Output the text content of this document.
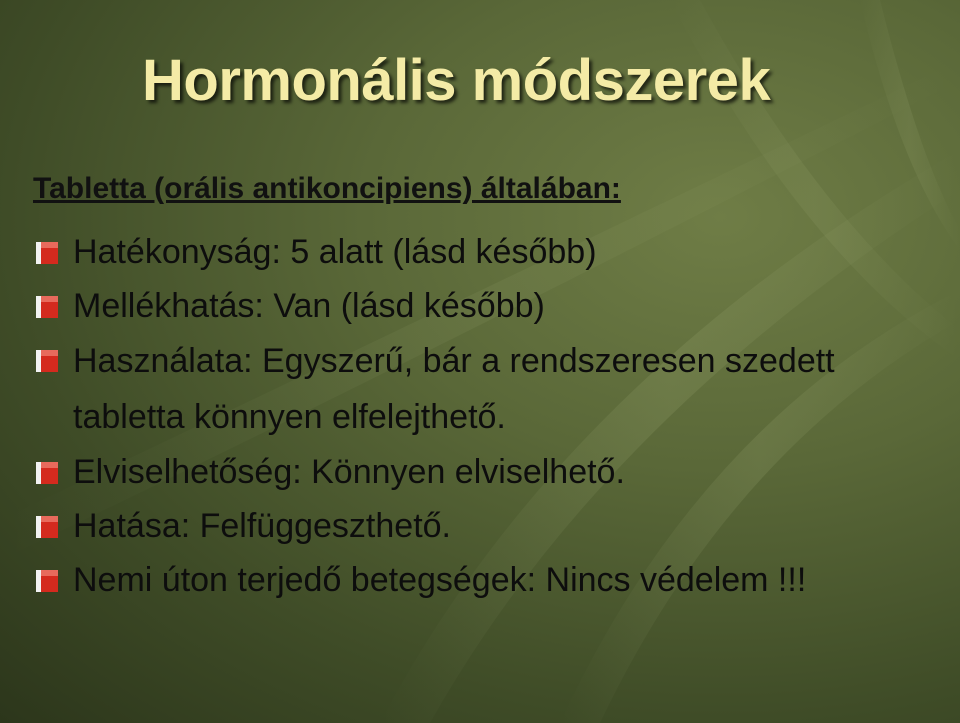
Hormonális módszerek

Tabletta (orális antikoncipiens) általában:

Hatékonyság: 5 alatt (lásd később)
Mellékhatás: Van (lásd később)
Használata: Egyszerű, bár a rendszeresen szedett tabletta könnyen elfelejthető.
Elviselhetőség: Könnyen elviselhető.
Hatása: Felfüggeszthető.
Nemi úton terjedő betegségek: Nincs védelem !!!
